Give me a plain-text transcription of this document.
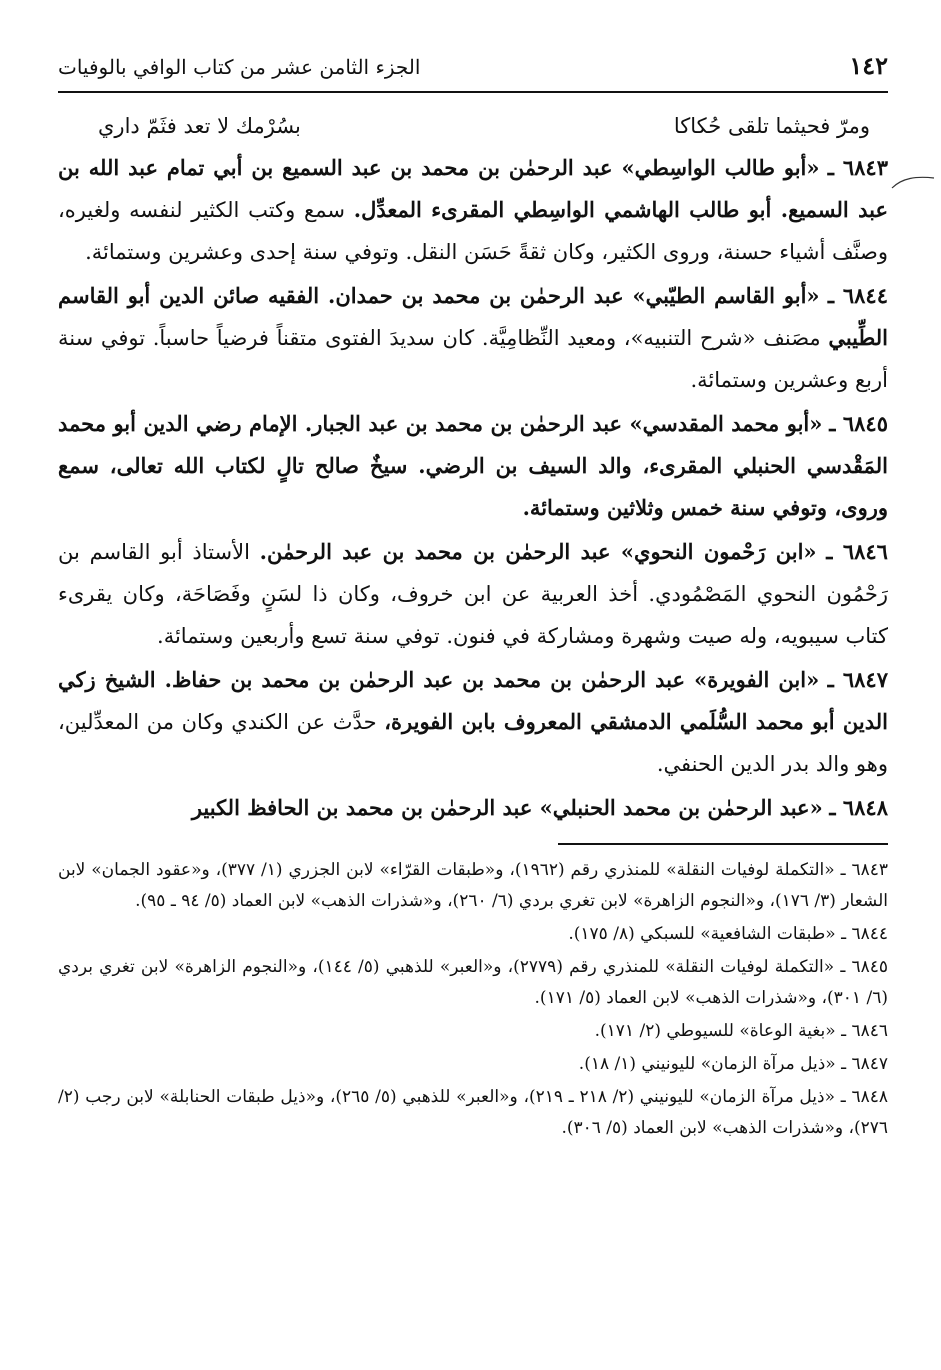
١٤٢
الجزء الثامن عشر من كتاب الوافي بالوفيات
ومرّ فحيثما تلقى حُكاكا
بسُرْمك لا تعد فثَمّ داري

٦٨٤٣ ـ «أبو طالب الواسِطي» عبد الرحمٰن بن محمد بن عبد السميع بن أبي تمام عبد الله بن عبد السميع. أبو طالب الهاشمي الواسِطي المقرىء المعدِّل. سمع وكتب الكثير لنفسه ولغيره، وصنَّف أشياء حسنة، وروى الكثير، وكان ثقةً حَسَن النقل. وتوفي سنة إحدى وعشرين وستمائة.

٦٨٤٤ ـ «أبو القاسم الطيّبي» عبد الرحمٰن بن محمد بن حمدان. الفقيه صائن الدين أبو القاسم الطِّيبي مصَنف «شرح التنبيه»، ومعيد النِّظامِيَّة. كان سديدَ الفتوى متقناً فرضياً حاسباً. توفي سنة أربع وعشرين وستمائة.

٦٨٤٥ ـ «أبو محمد المقدسي» عبد الرحمٰن بن محمد بن عبد الجبار. الإمام رضي الدين أبو محمد المَقْدسي الحنبلي المقرىء، والد السيف بن الرضي. سيخٌ صالح تالٍ لكتاب الله تعالى، سمع وروى، وتوفي سنة خمس وثلاثين وستمائة.

٦٨٤٦ ـ «ابن رَحْمون النحوي» عبد الرحمٰن بن محمد بن عبد الرحمٰن. الأستاذ أبو القاسم بن رَحْمُون النحوي المَصْمُودي. أخذ العربية عن ابن خروف، وكان ذا لسَنٍ وفَصَاحَة، وكان يقرىء كتاب سيبويه، وله صيت وشهرة ومشاركة في فنون. توفي سنة تسع وأربعين وستمائة.

٦٨٤٧ ـ «ابن الفويرة» عبد الرحمٰن بن محمد بن عبد الرحمٰن بن محمد بن حفاظ. الشيخ زكي الدين أبو محمد السُّلَمي الدمشقي المعروف بابن الفويرة، حدَّث عن الكندي وكان من المعدِّلين، وهو والد بدر الدين الحنفي.

٦٨٤٨ ـ «عبد الرحمٰن بن محمد الحنبلي» عبد الرحمٰن بن محمد بن الحافظ الكبير

٦٨٤٣ ـ «التكملة لوفيات النقلة» للمنذري رقم (١٩٦٢)، و«طبقات القرّاء» لابن الجزري (١/ ٣٧٧)، و«عقود الجمان» لابن الشعار (٣/ ١٧٦)، و«النجوم الزاهرة» لابن تغري بردي (٦/ ٢٦٠)، و«شذرات الذهب» لابن العماد (٥/ ٩٤ ـ ٩٥).

٦٨٤٤ ـ «طبقات الشافعية» للسبكي (٨/ ١٧٥).

٦٨٤٥ ـ «التكملة لوفيات النقلة» للمنذري رقم (٢٧٧٩)، و«العبر» للذهبي (٥/ ١٤٤)، و«النجوم الزاهرة» لابن تغري بردي (٦/ ٣٠١)، و«شذرات الذهب» لابن العماد (٥/ ١٧١).

٦٨٤٦ ـ «بغية الوعاة» للسيوطي (٢/ ١٧١).

٦٨٤٧ ـ «ذيل مرآة الزمان» لليونيني (١/ ١٨).

٦٨٤٨ ـ «ذيل مرآة الزمان» لليونيني (٢/ ٢١٨ ـ ٢١٩)، و«العبر» للذهبي (٥/ ٢٦٥)، و«ذيل طبقات الحنابلة» لابن رجب (٢/ ٢٧٦)، و«شذرات الذهب» لابن العماد (٥/ ٣٠٦).
